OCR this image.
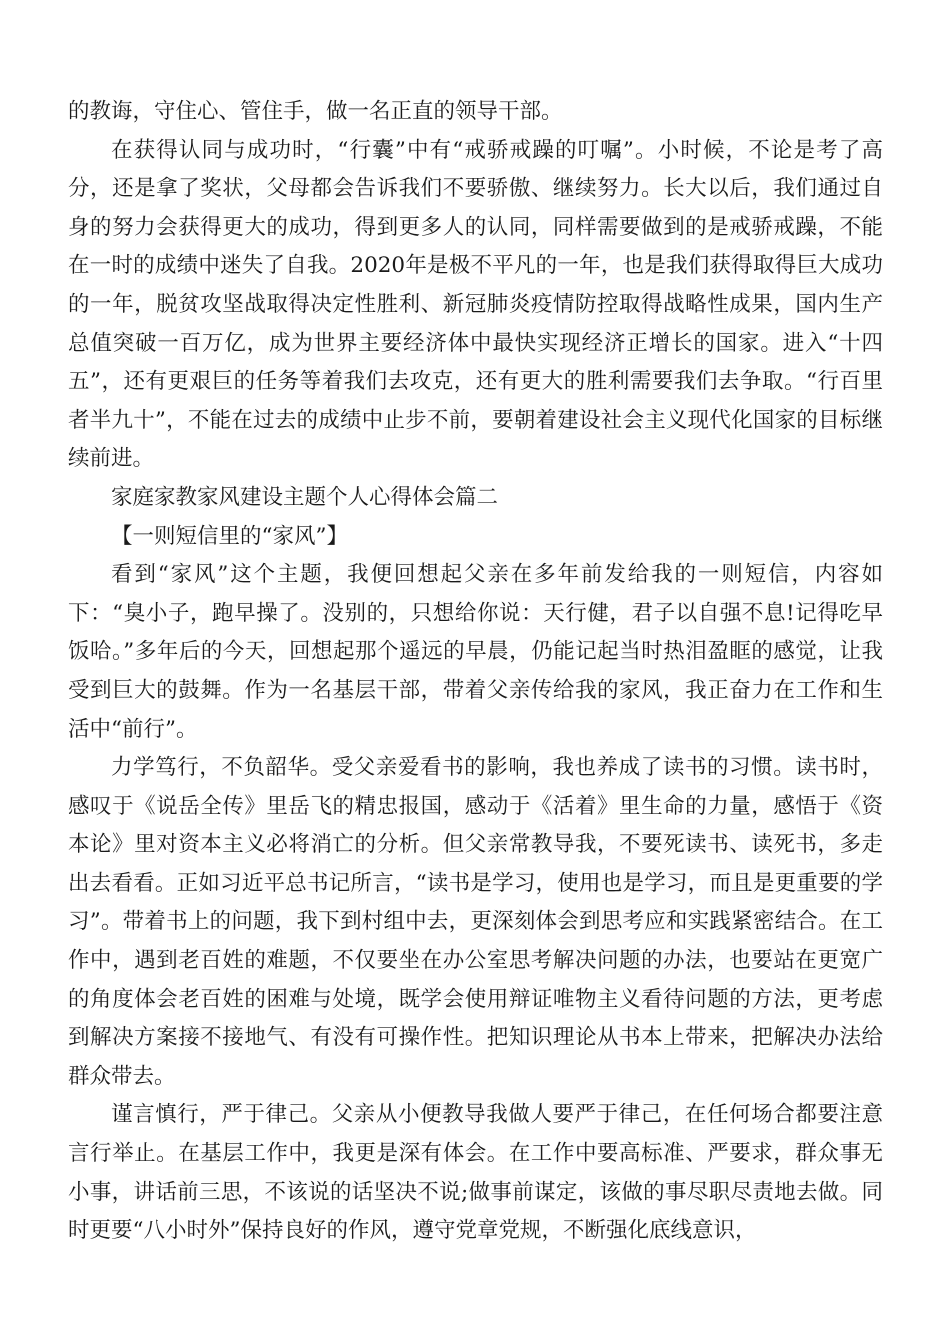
的教诲，守住心、管住手，做一名正直的领导干部。

在获得认同与成功时，“行囊”中有“戒骄戒躁的叮嘱”。小时候，不论是考了高分，还是拿了奖状，父母都会告诉我们不要骄傲、继续努力。长大以后，我们通过自身的努力会获得更大的成功，得到更多人的认同，同样需要做到的是戒骄戒躁，不能在一时的成绩中迷失了自我。2020年是极不平凡的一年，也是我们获得取得巨大成功的一年，脱贫攻坚战取得决定性胜利、新冠肺炎疫情防控取得战略性成果，国内生产总值突破一百万亿，成为世界主要经济体中最快实现经济正增长的国家。进入“十四五”，还有更艰巨的任务等着我们去攻克，还有更大的胜利需要我们去争取。“行百里者半九十”，不能在过去的成绩中止步不前，要朝着建设社会主义现代化国家的目标继续前进。

家庭家教家风建设主题个人心得体会篇二

【一则短信里的“家风”】

看到“家风”这个主题，我便回想起父亲在多年前发给我的一则短信，内容如下：“臭小子，跑早操了。没别的，只想给你说：天行健，君子以自强不息!记得吃早饭哈。”多年后的今天，回想起那个遥远的早晨，仍能记起当时热泪盈眶的感觉，让我受到巨大的鼓舞。作为一名基层干部，带着父亲传给我的家风，我正奋力在工作和生活中“前行”。

力学笃行，不负韶华。受父亲爱看书的影响，我也养成了读书的习惯。读书时，感叹于《说岳全传》里岳飞的精忠报国，感动于《活着》里生命的力量，感悟于《资本论》里对资本主义必将消亡的分析。但父亲常教导我，不要死读书、读死书，多走出去看看。正如习近平总书记所言，“读书是学习，使用也是学习，而且是更重要的学习”。带着书上的问题，我下到村组中去，更深刻体会到思考应和实践紧密结合。在工作中，遇到老百姓的难题，不仅要坐在办公室思考解决问题的办法，也要站在更宽广的角度体会老百姓的困难与处境，既学会使用辩证唯物主义看待问题的方法，更考虑到解决方案接不接地气、有没有可操作性。把知识理论从书本上带来，把解决办法给群众带去。

谨言慎行，严于律己。父亲从小便教导我做人要严于律己，在任何场合都要注意言行举止。在基层工作中，我更是深有体会。在工作中要高标准、严要求，群众事无小事，讲话前三思，不该说的话坚决不说;做事前谋定，该做的事尽职尽责地去做。同时更要“八小时外”保持良好的作风，遵守党章党规，不断强化底线意识，
